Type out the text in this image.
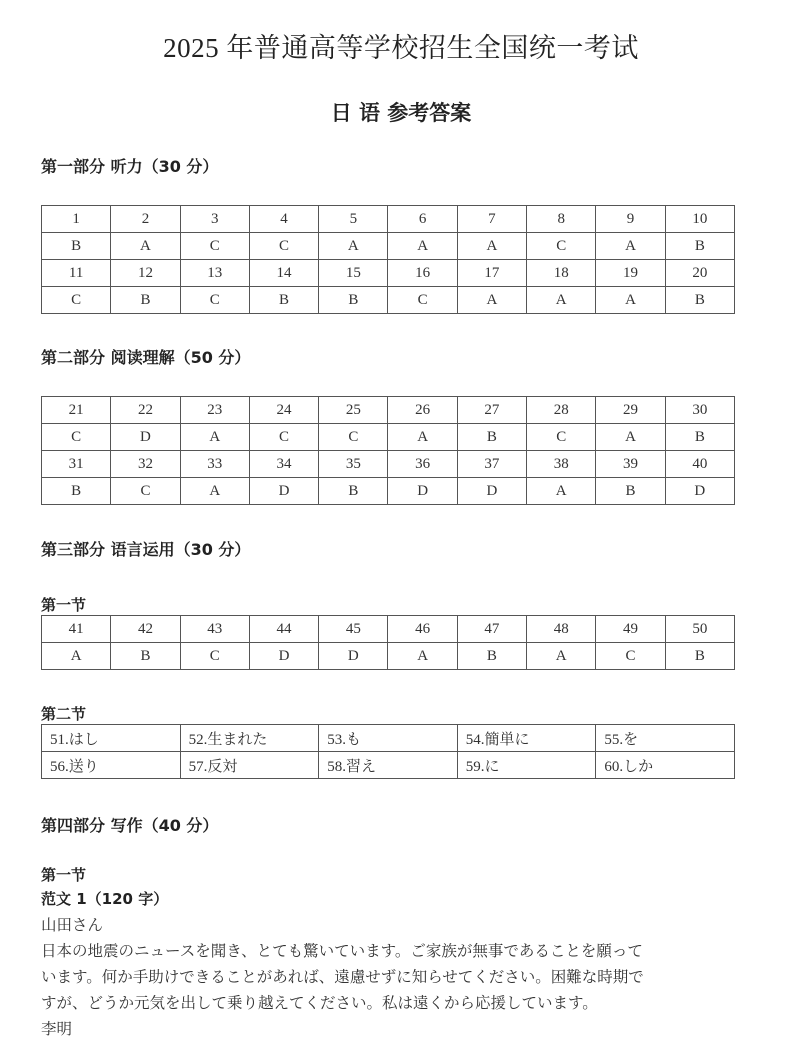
2025 年普通高等学校招生全国统一考试
日 语 参考答案
第一部分 听力（30 分）
1	2	3	4	5	6	7	8	9	10
B	A	C	C	A	A	A	C	A	B
11	12	13	14	15	16	17	18	19	20
C	B	C	B	B	C	A	A	A	B
第二部分 阅读理解（50 分）
21	22	23	24	25	26	27	28	29	30
C	D	A	C	C	A	B	C	A	B
31	32	33	34	35	36	37	38	39	40
B	C	A	D	B	D	D	A	B	D
第三部分 语言运用（30 分）
第一节
41	42	43	44	45	46	47	48	49	50
A	B	C	D	D	A	B	A	C	B
第二节
51.はし	52.生まれた	53.も	54.簡単に	55.を
56.送り	57.反対	58.習え	59.に	60.しか
第四部分 写作（40 分）
第一节
范文 1（120 字）
山田さん
日本の地震のニュースを聞き、とても驚いています。ご家族が無事であることを願って
います。何か手助けできることがあれば、遠慮せずに知らせてください。困難な時期で
すが、どうか元気を出して乗り越えてください。私は遠くから応援しています。
李明
